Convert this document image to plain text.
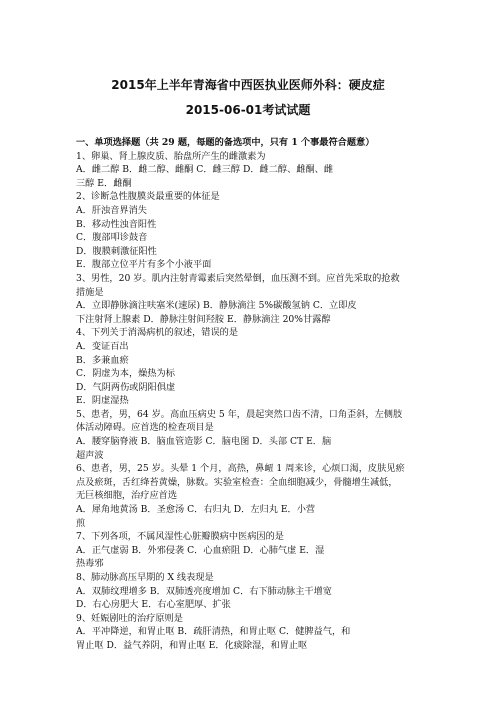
2015年上半年青海省中西医执业医师外科：硬皮症
2015-06-01考试试题
一、单项选择题（共 29 题，每题的备选项中，只有 1 个事最符合题意）
1、卵巢、肾上腺皮质、胎盘所产生的雌激素为
A．雌二醇 B．雌二醇、雌酮 C．雌三醇 D．雌二醇、雌酮、雌
三醇 E．雌酮
2、诊断急性腹膜炎最重要的体征是
A．肝浊音界消失
B．移动性浊音阳性
C．腹部叩诊鼓音
D．腹膜刺激征阳性
E．腹部立位平片有多个小液平面
3、男性，20 岁。肌内注射青霉素后突然晕倒，血压测不到。应首先采取的抢救
措施是
A．立即静脉滴注呋塞米(速尿) B．静脉滴注 5%碳酸氢钠 C．立即皮
下注射肾上腺素 D．静脉注射间羟胺 E．静脉滴注 20%甘露醇
4、下列关于消渴病机的叙述，错误的是
A．变证百出
B．多兼血瘀
C．阴虚为本，燥热为标
D．气阴两伤或阴阳俱虚
E．阴虚湿热
5、患者，男，64 岁。高血压病史 5 年，晨起突然口齿不清，口角歪斜，左侧肢
体活动障碍。应首选的检查项目是
A．腰穿脑脊液 B．脑血管造影 C．脑电图 D．头部 CT E．脑
超声波
6、患者，男，25 岁。头晕 1 个月，高热，鼻衄 1 周来诊，心烦口渴，皮肤见瘀
点及瘀斑，舌红绛苔黄燥，脉数。实验室检查：全血细胞减少，骨髓增生减低，
无巨核细胞，治疗应首选
A．犀角地黄汤 B．圣愈汤 C．右归丸 D．左归丸 E．小营
煎
7、下列各项，不属风湿性心脏瓣膜病中医病因的是
A．正气虚弱 B．外邪侵袭 C．心血瘀阻 D．心肺气虚 E．湿
热毒邪
8、肺动脉高压早期的 X 线表现是
A．双肺纹理增多 B．双肺透亮度增加 C．右下肺动脉主干增宽
D．右心房肥大 E．右心室肥厚、扩张
9、妊娠剧吐的治疗原则是
A．平冲降逆，和胃止呕 B．疏肝清热，和胃止呕 C．健脾益气，和
胃止呕 D．益气养阴，和胃止呕 E．化痰除湿，和胃止呕
